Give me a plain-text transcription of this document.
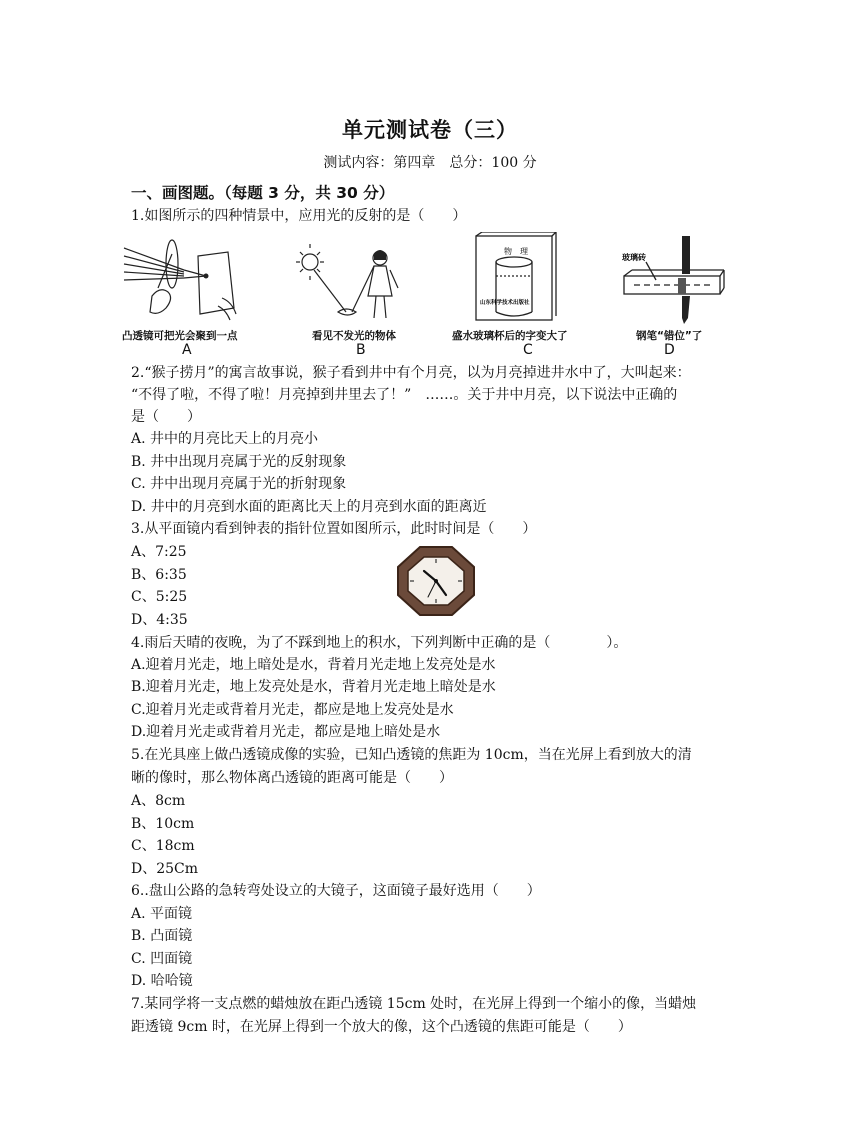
单元测试卷（三）
测试内容：第四章　总分：100 分
一、画图题。（每题 3 分，共 30 分）
1.如图所示的四种情景中，应用光的反射的是（　　）
凸透镜可把光会聚到一点
A
看见不发光的物体
B
物　理
山东科学技术出版社
盛水玻璃杯后的字变大了
C
玻璃砖
钢笔“错位”了
D
2.“猴子捞月”的寓言故事说，猴子看到井中有个月亮，以为月亮掉进井水中了，大叫起来：
“不得了啦，不得了啦！月亮掉到井里去了！”　……。关于井中月亮，以下说法中正确的
是（　　）
A. 井中的月亮比天上的月亮小
B. 井中出现月亮属于光的反射现象
C. 井中出现月亮属于光的折射现象
D. 井中的月亮到水面的距离比天上的月亮到水面的距离近
3.从平面镜内看到钟表的指针位置如图所示，此时时间是（　　）
A、7:25
B、6:35
C、5:25
D、4:35
4.雨后天晴的夜晚，为了不踩到地上的积水，下列判断中正确的是（　　　　）。
A.迎着月光走，地上暗处是水，背着月光走地上发亮处是水
B.迎着月光走，地上发亮处是水，背着月光走地上暗处是水
C.迎着月光走或背着月光走，都应是地上发亮处是水
D.迎着月光走或背着月光走，都应是地上暗处是水
5.在光具座上做凸透镜成像的实验，已知凸透镜的焦距为 10cm，当在光屏上看到放大的清
晰的像时，那么物体离凸透镜的距离可能是（　　）
A、8cm
B、10cm
C、18cm
D、25Cm
6..盘山公路的急转弯处设立的大镜子，这面镜子最好选用（　　）
A. 平面镜
B. 凸面镜
C. 凹面镜
D. 哈哈镜
7.某同学将一支点燃的蜡烛放在距凸透镜 15cm 处时，在光屏上得到一个缩小的像，当蜡烛
距透镜 9cm 时，在光屏上得到一个放大的像，这个凸透镜的焦距可能是（　　）
